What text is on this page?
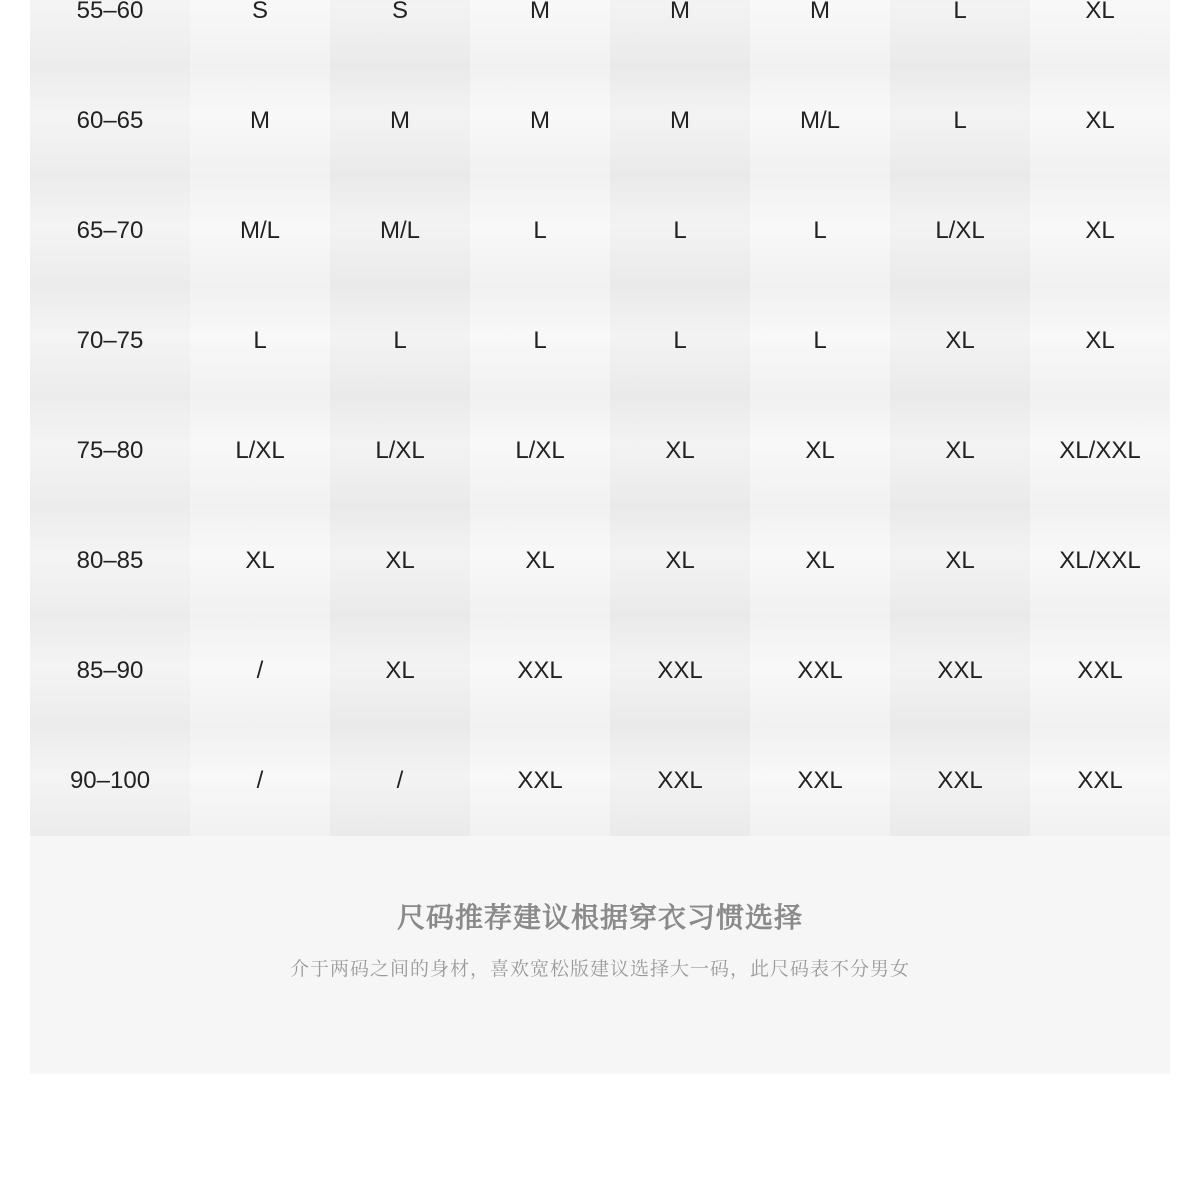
55–60	S	S	M	M	M	L	XL
60–65	M	M	M	M	M/L	L	XL
65–70	M/L	M/L	L	L	L	L/XL	XL
70–75	L	L	L	L	L	XL	XL
75–80	L/XL	L/XL	L/XL	XL	XL	XL	XL/XXL
80–85	XL	XL	XL	XL	XL	XL	XL/XXL
85–90	/	XL	XXL	XXL	XXL	XXL	XXL
90–100	/	/	XXL	XXL	XXL	XXL	XXL
尺码推荐建议根据穿衣习惯选择
介于两码之间的身材，喜欢宽松版建议选择大一码，此尺码表不分男女
